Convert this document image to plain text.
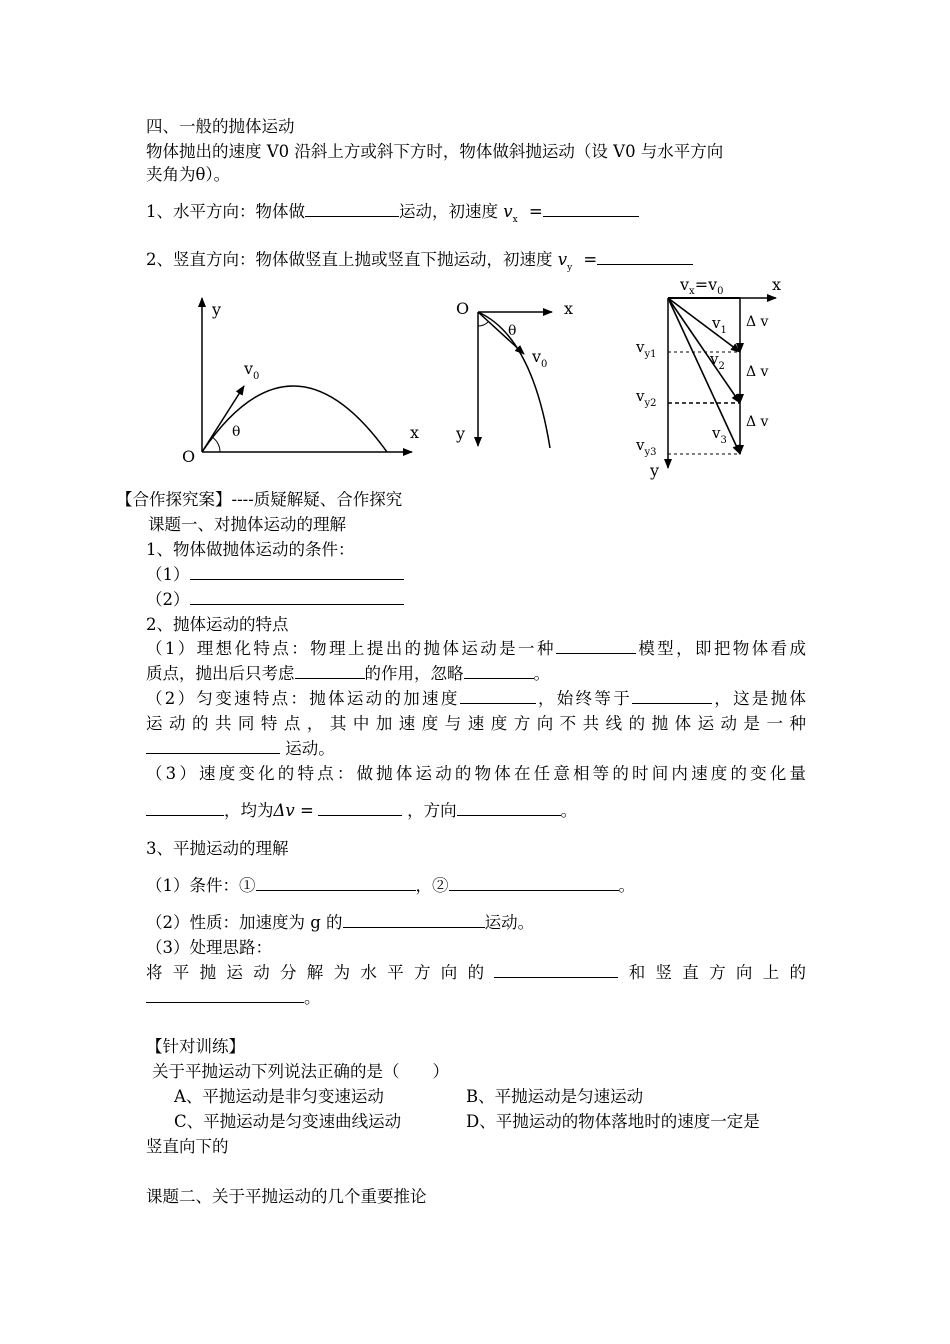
四、一般的抛体运动
物体抛出的速度 V0 沿斜上方或斜下方时，物体做斜抛运动（设 V0 与水平方向
夹角为θ）。
1、水平方向：物体做	运动，初速度 $v_x$ =
2、竖直方向：物体做竖直上抛或竖直下抛运动，初速度 $v_y$ =
y
x
O
$v_0$
θ
O	x
y
θ
$v_0$
$v_x=v_0$	x
y
Δ v
Δ v
Δ v
$v_1$
$v_2$
$v_3$
$v_{y1}$
$v_{y2}$
$v_{y3}$
【合作探究案】----质疑解疑、合作探究
课题一、对抛体运动的理解
1、物体做抛体运动的条件：
（1）
（2）
2、抛体运动的特点
（1）理想化特点：物理上提出的抛体运动是一种	模型，即把物体看成
质点，抛出后只考虑	的作用，忽略	。
（2）匀变速特点：抛体运动的加速度	，始终等于	，这是抛体
运动的共同特点，其中加速度与速度方向不共线的抛体运动是一种
运动。
（3）速度变化的特点：做抛体运动的物体在任意相等的时间内速度的变化量
，均为Δv =	，方向	。
3、平抛运动的理解
（1）条件：①	，②	。
（2）性质：加速度为 g 的	运动。
（3）处理思路：
将平抛运动分解为水平方向的	和竖直方向上的
。
【针对训练】
关于平抛运动下列说法正确的是（　　）
A、平抛运动是非匀变速运动	B、平抛运动是匀速运动
C、平抛运动是匀变速曲线运动	D、平抛运动的物体落地时的速度一定是
竖直向下的
课题二、关于平抛运动的几个重要推论
